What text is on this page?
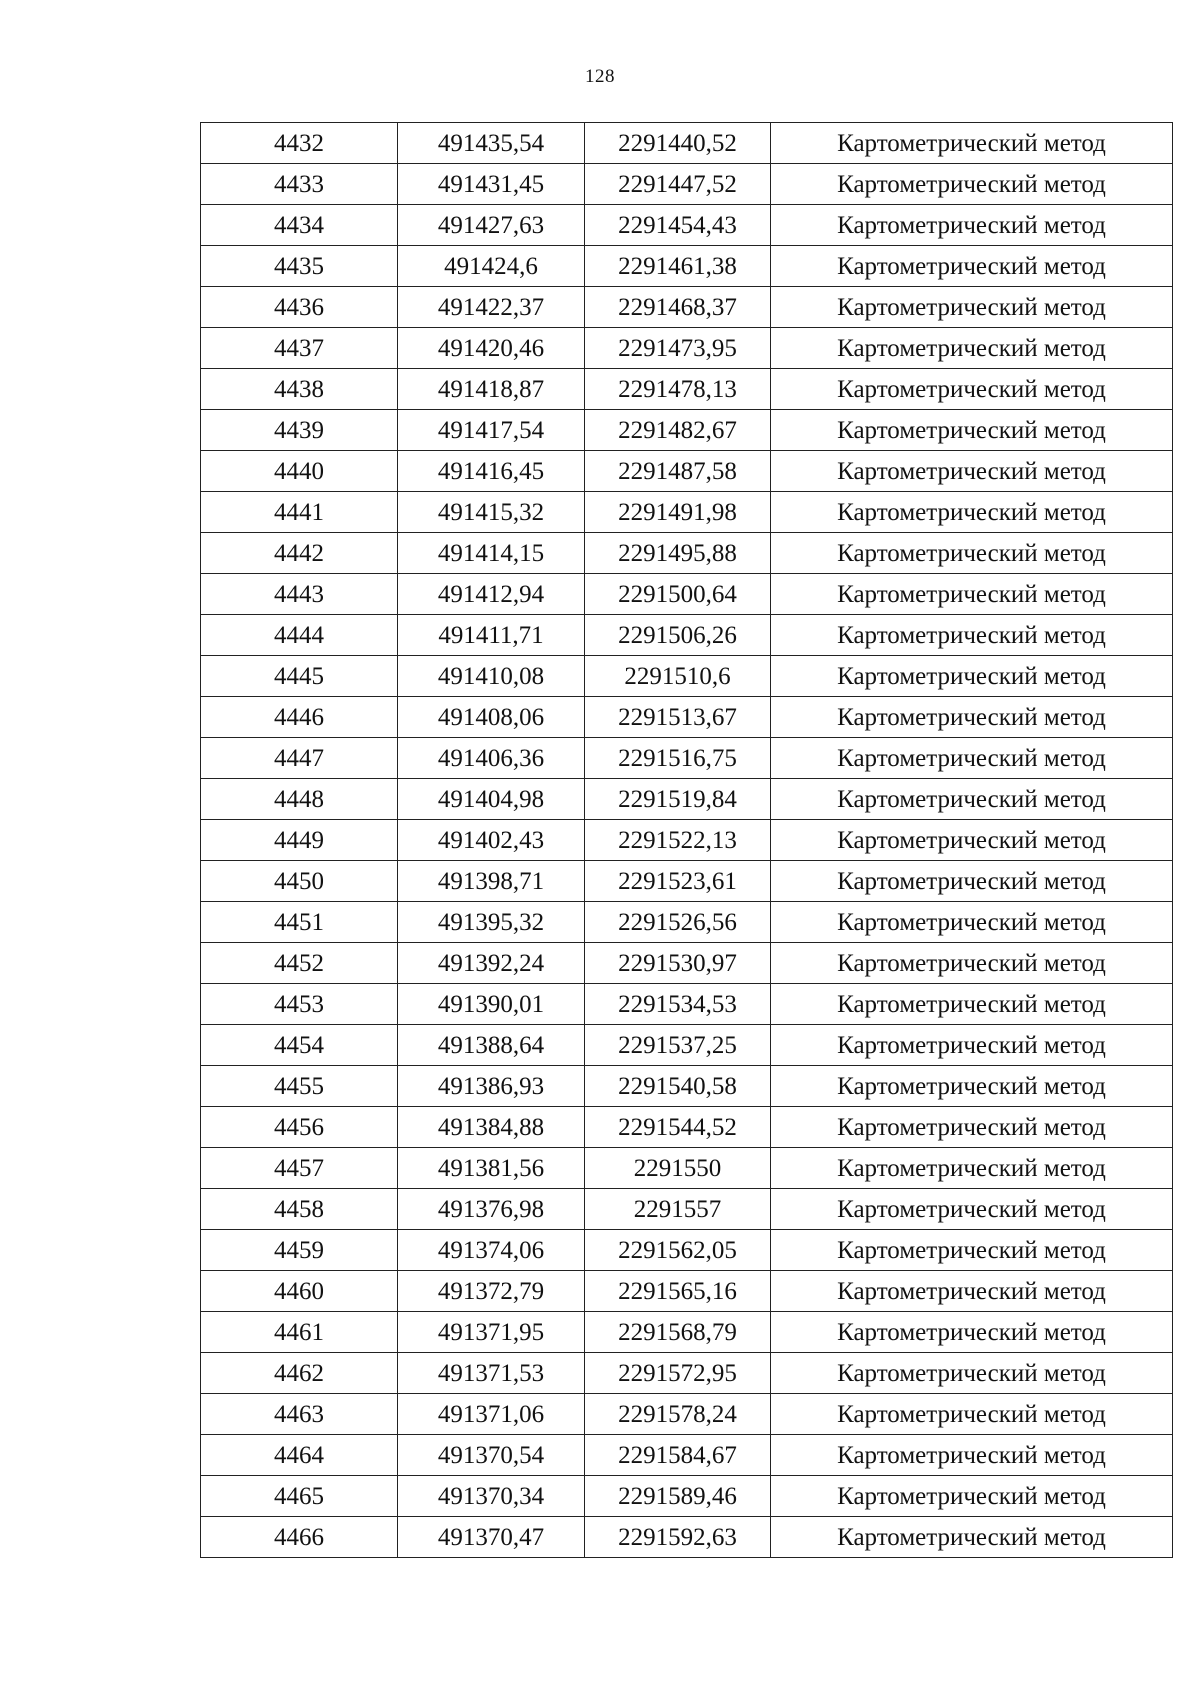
128
4432	491435,54	2291440,52	Картометрический метод
4433	491431,45	2291447,52	Картометрический метод
4434	491427,63	2291454,43	Картометрический метод
4435	491424,6	2291461,38	Картометрический метод
4436	491422,37	2291468,37	Картометрический метод
4437	491420,46	2291473,95	Картометрический метод
4438	491418,87	2291478,13	Картометрический метод
4439	491417,54	2291482,67	Картометрический метод
4440	491416,45	2291487,58	Картометрический метод
4441	491415,32	2291491,98	Картометрический метод
4442	491414,15	2291495,88	Картометрический метод
4443	491412,94	2291500,64	Картометрический метод
4444	491411,71	2291506,26	Картометрический метод
4445	491410,08	2291510,6	Картометрический метод
4446	491408,06	2291513,67	Картометрический метод
4447	491406,36	2291516,75	Картометрический метод
4448	491404,98	2291519,84	Картометрический метод
4449	491402,43	2291522,13	Картометрический метод
4450	491398,71	2291523,61	Картометрический метод
4451	491395,32	2291526,56	Картометрический метод
4452	491392,24	2291530,97	Картометрический метод
4453	491390,01	2291534,53	Картометрический метод
4454	491388,64	2291537,25	Картометрический метод
4455	491386,93	2291540,58	Картометрический метод
4456	491384,88	2291544,52	Картометрический метод
4457	491381,56	2291550	Картометрический метод
4458	491376,98	2291557	Картометрический метод
4459	491374,06	2291562,05	Картометрический метод
4460	491372,79	2291565,16	Картометрический метод
4461	491371,95	2291568,79	Картометрический метод
4462	491371,53	2291572,95	Картометрический метод
4463	491371,06	2291578,24	Картометрический метод
4464	491370,54	2291584,67	Картометрический метод
4465	491370,34	2291589,46	Картометрический метод
4466	491370,47	2291592,63	Картометрический метод
